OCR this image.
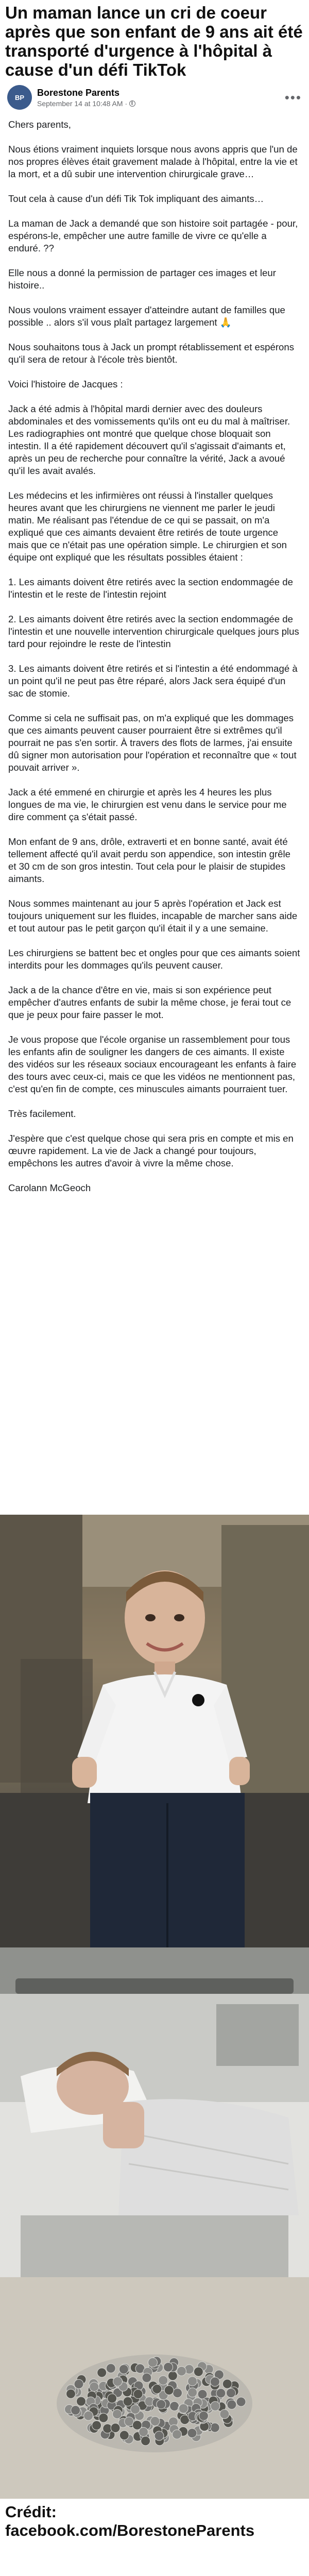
Un maman lance un cri de coeur après que son enfant de 9 ans ait été transporté d'urgence à l'hôpital à cause d'un défi TikTok
BP Borestone Parents
September 14 at 10:48 AM ·	•••

Chers parents,

Nous étions vraiment inquiets lorsque nous avons appris que l'un de nos propres élèves était gravement malade à l'hôpital, entre la vie et la mort, et a dû subir une intervention chirurgicale grave…

Tout cela à cause d'un défi Tik Tok impliquant des aimants…

La maman de Jack a demandé que son histoire soit partagée - pour, espérons-le, empêcher une autre famille de vivre ce qu'elle a enduré. ??

Elle nous a donné la permission de partager ces images et leur histoire..

Nous voulons vraiment essayer d'atteindre autant de familles que possible .. alors s'il vous plaît partagez largement 🙏

Nous souhaitons tous à Jack un prompt rétablissement et espérons qu'il sera de retour à l'école très bientôt.

Voici l'histoire de Jacques :

Jack a été admis à l'hôpital mardi dernier avec des douleurs abdominales et des vomissements qu'ils ont eu du mal à maîtriser. Les radiographies ont montré que quelque chose bloquait son intestin. Il a été rapidement découvert qu'il s'agissait d'aimants et, après un peu de recherche pour connaître la vérité, Jack a avoué qu'il les avait avalés.

Les médecins et les infirmières ont réussi à l'installer quelques heures avant que les chirurgiens ne viennent me parler le jeudi matin. Me réalisant pas l'étendue de ce qui se passait, on m'a expliqué que ces aimants devaient être retirés de toute urgence mais que ce n'était pas une opération simple. Le chirurgien et son équipe ont expliqué que les résultats possibles étaient :

1. Les aimants doivent être retirés avec la section endommagée de l'intestin et le reste de l'intestin rejoint

2. Les aimants doivent être retirés avec la section endommagée de l'intestin et une nouvelle intervention chirurgicale quelques jours plus tard pour rejoindre le reste de l'intestin

3. Les aimants doivent être retirés et si l'intestin a été endommagé à un point qu'il ne peut pas être réparé, alors Jack sera équipé d'un sac de stomie.

Comme si cela ne suffisait pas, on m'a expliqué que les dommages que ces aimants peuvent causer pourraient être si extrêmes qu'il pourrait ne pas s'en sortir. À travers des flots de larmes, j'ai ensuite dû signer mon autorisation pour l'opération et reconnaître que « tout pouvait arriver ».

Jack a été emmené en chirurgie et après les 4 heures les plus longues de ma vie, le chirurgien est venu dans le service pour me dire comment ça s'était passé.

Mon enfant de 9 ans, drôle, extraverti et en bonne santé, avait été tellement affecté qu'il avait perdu son appendice, son intestin grêle et 30 cm de son gros intestin. Tout cela pour le plaisir de stupides aimants.

Nous sommes maintenant au jour 5 après l'opération et Jack est toujours uniquement sur les fluides, incapable de marcher sans aide et tout autour pas le petit garçon qu'il était il y a une semaine.

Les chirurgiens se battent bec et ongles pour que ces aimants soient interdits pour les dommages qu'ils peuvent causer.

Jack a de la chance d'être en vie, mais si son expérience peut empêcher d'autres enfants de subir la même chose, je ferai tout ce que je peux pour faire passer le mot.

Je vous propose que l'école organise un rassemblement pour tous les enfants afin de souligner les dangers de ces aimants. Il existe des vidéos sur les réseaux sociaux encourageant les enfants à faire des tours avec ceux-ci, mais ce que les vidéos ne mentionnent pas, c'est qu'en fin de compte, ces minuscules aimants pourraient tuer.

Très facilement.

J'espère que c'est quelque chose qui sera pris en compte et mis en œuvre rapidement. La vie de Jack a changé pour toujours, empêchons les autres d'avoir à vivre la même chose.

Carolann McGeoch

Crédit:
facebook.com/BorestoneParents
